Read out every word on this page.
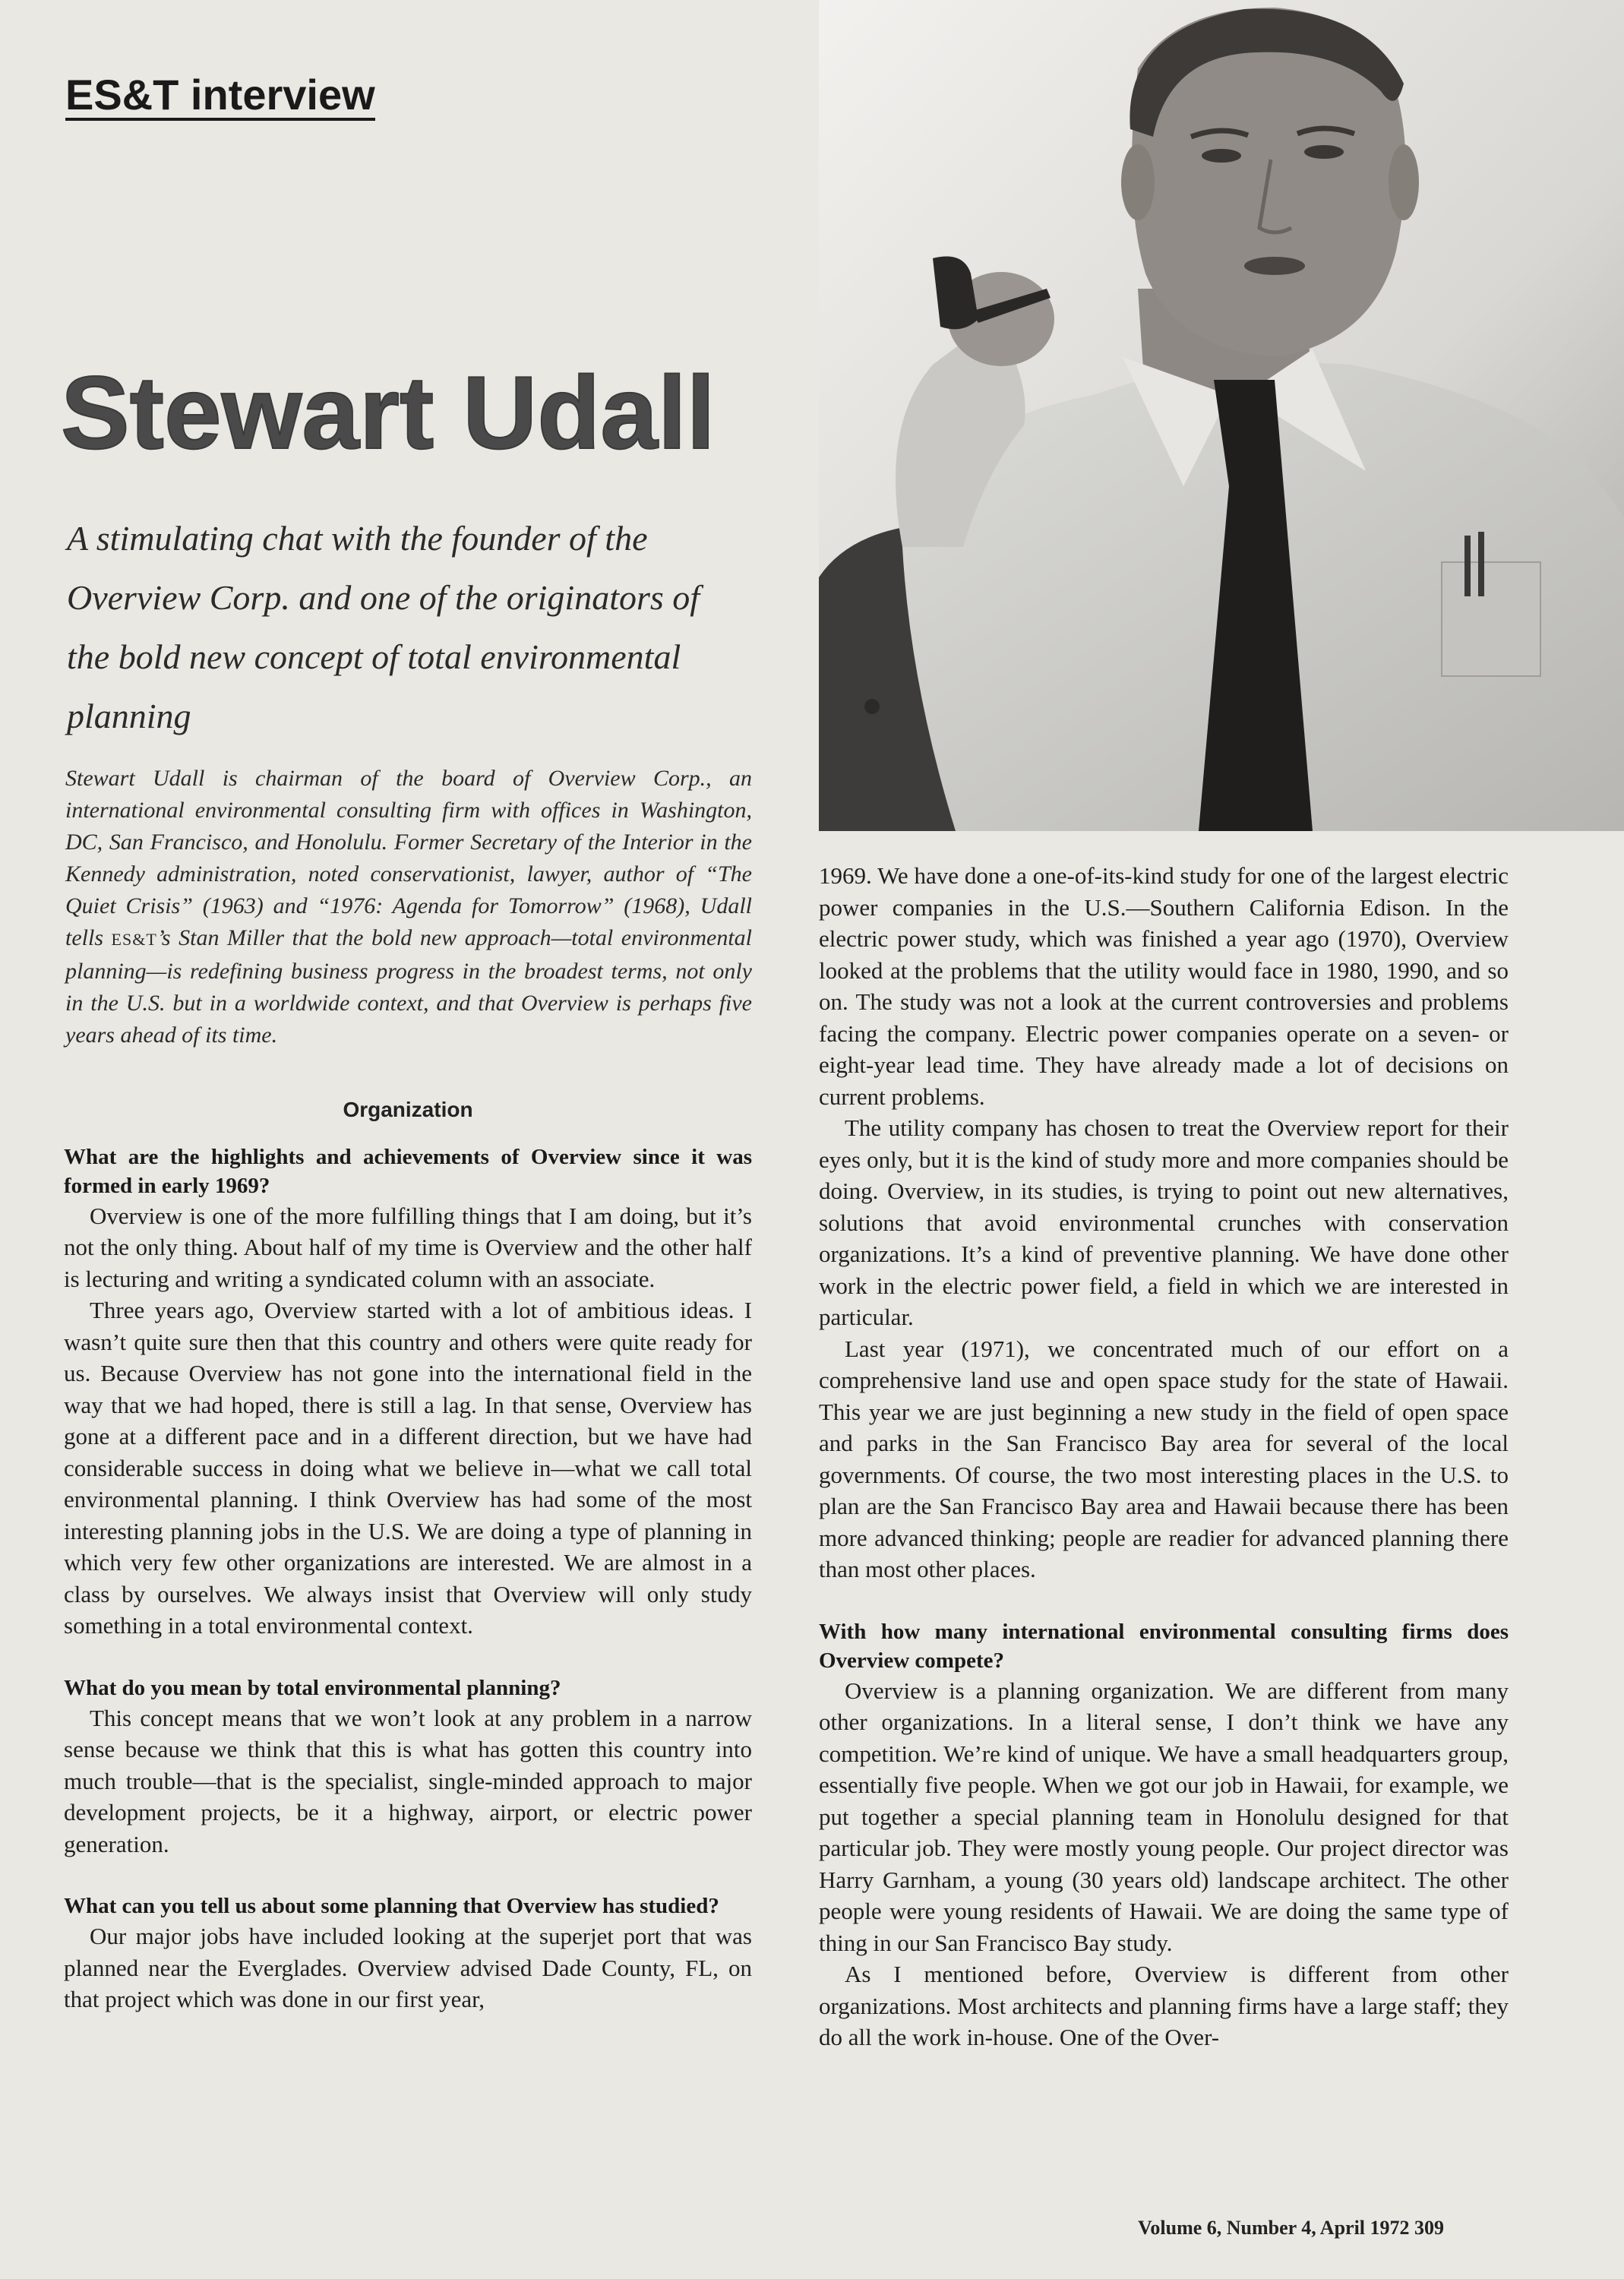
ES&T interview
Stewart Udall
A stimulating chat with the founder of the Overview Corp. and one of the originators of the bold new concept of total environmental planning
Stewart Udall is chairman of the board of Overview Corp., an international environmental consulting firm with offices in Washington, DC, San Francisco, and Honolulu. Former Secretary of the Interior in the Kennedy administration, noted conservationist, lawyer, author of “The Quiet Crisis” (1963) and “1976: Agenda for Tomorrow” (1968), Udall tells ES&T’s Stan Miller that the bold new approach—total environmental planning—is redefining business progress in the broadest terms, not only in the U.S. but in a worldwide context, and that Overview is perhaps five years ahead of its time.

Organization

What are the highlights and achievements of Overview since it was formed in early 1969?

Overview is one of the more fulfilling things that I am doing, but it’s not the only thing. About half of my time is Overview and the other half is lecturing and writing a syndicated column with an associate.

Three years ago, Overview started with a lot of ambitious ideas. I wasn’t quite sure then that this country and others were quite ready for us. Because Overview has not gone into the international field in the way that we had hoped, there is still a lag. In that sense, Overview has gone at a different pace and in a different direction, but we have had considerable success in doing what we believe in—what we call total environmental planning. I think Overview has had some of the most interesting planning jobs in the U.S. We are doing a type of planning in which very few other organizations are interested. We are almost in a class by ourselves. We always insist that Overview will only study something in a total environmental context.

What do you mean by total environmental planning?

This concept means that we won’t look at any problem in a narrow sense because we think that this is what has gotten this country into much trouble—that is the specialist, single-minded approach to major development projects, be it a highway, airport, or electric power generation.

What can you tell us about some planning that Overview has studied?

Our major jobs have included looking at the superjet port that was planned near the Everglades. Overview advised Dade County, FL, on that project which was done in our first year,

1969. We have done a one-of-its-kind study for one of the largest electric power companies in the U.S.—Southern California Edison. In the electric power study, which was finished a year ago (1970), Overview looked at the problems that the utility would face in 1980, 1990, and so on. The study was not a look at the current controversies and problems facing the company. Electric power companies operate on a seven- or eight-year lead time. They have already made a lot of decisions on current problems.

The utility company has chosen to treat the Overview report for their eyes only, but it is the kind of study more and more companies should be doing. Overview, in its studies, is trying to point out new alternatives, solutions that avoid environmental crunches with conservation organizations. It’s a kind of preventive planning. We have done other work in the electric power field, a field in which we are interested in particular.

Last year (1971), we concentrated much of our effort on a comprehensive land use and open space study for the state of Hawaii. This year we are just beginning a new study in the field of open space and parks in the San Francisco Bay area for several of the local governments. Of course, the two most interesting places in the U.S. to plan are the San Francisco Bay area and Hawaii because there has been more advanced thinking; people are readier for advanced planning there than most other places.

With how many international environmental consulting firms does Overview compete?

Overview is a planning organization. We are different from many other organizations. In a literal sense, I don’t think we have any competition. We’re kind of unique. We have a small headquarters group, essentially five people. When we got our job in Hawaii, for example, we put together a special planning team in Honolulu designed for that particular job. They were mostly young people. Our project director was Harry Garnham, a young (30 years old) landscape architect. The other people were young residents of Hawaii. We are doing the same type of thing in our San Francisco Bay study.

As I mentioned before, Overview is different from other organizations. Most architects and planning firms have a large staff; they do all the work in-house. One of the Over-

Volume 6, Number 4, April 1972 309
